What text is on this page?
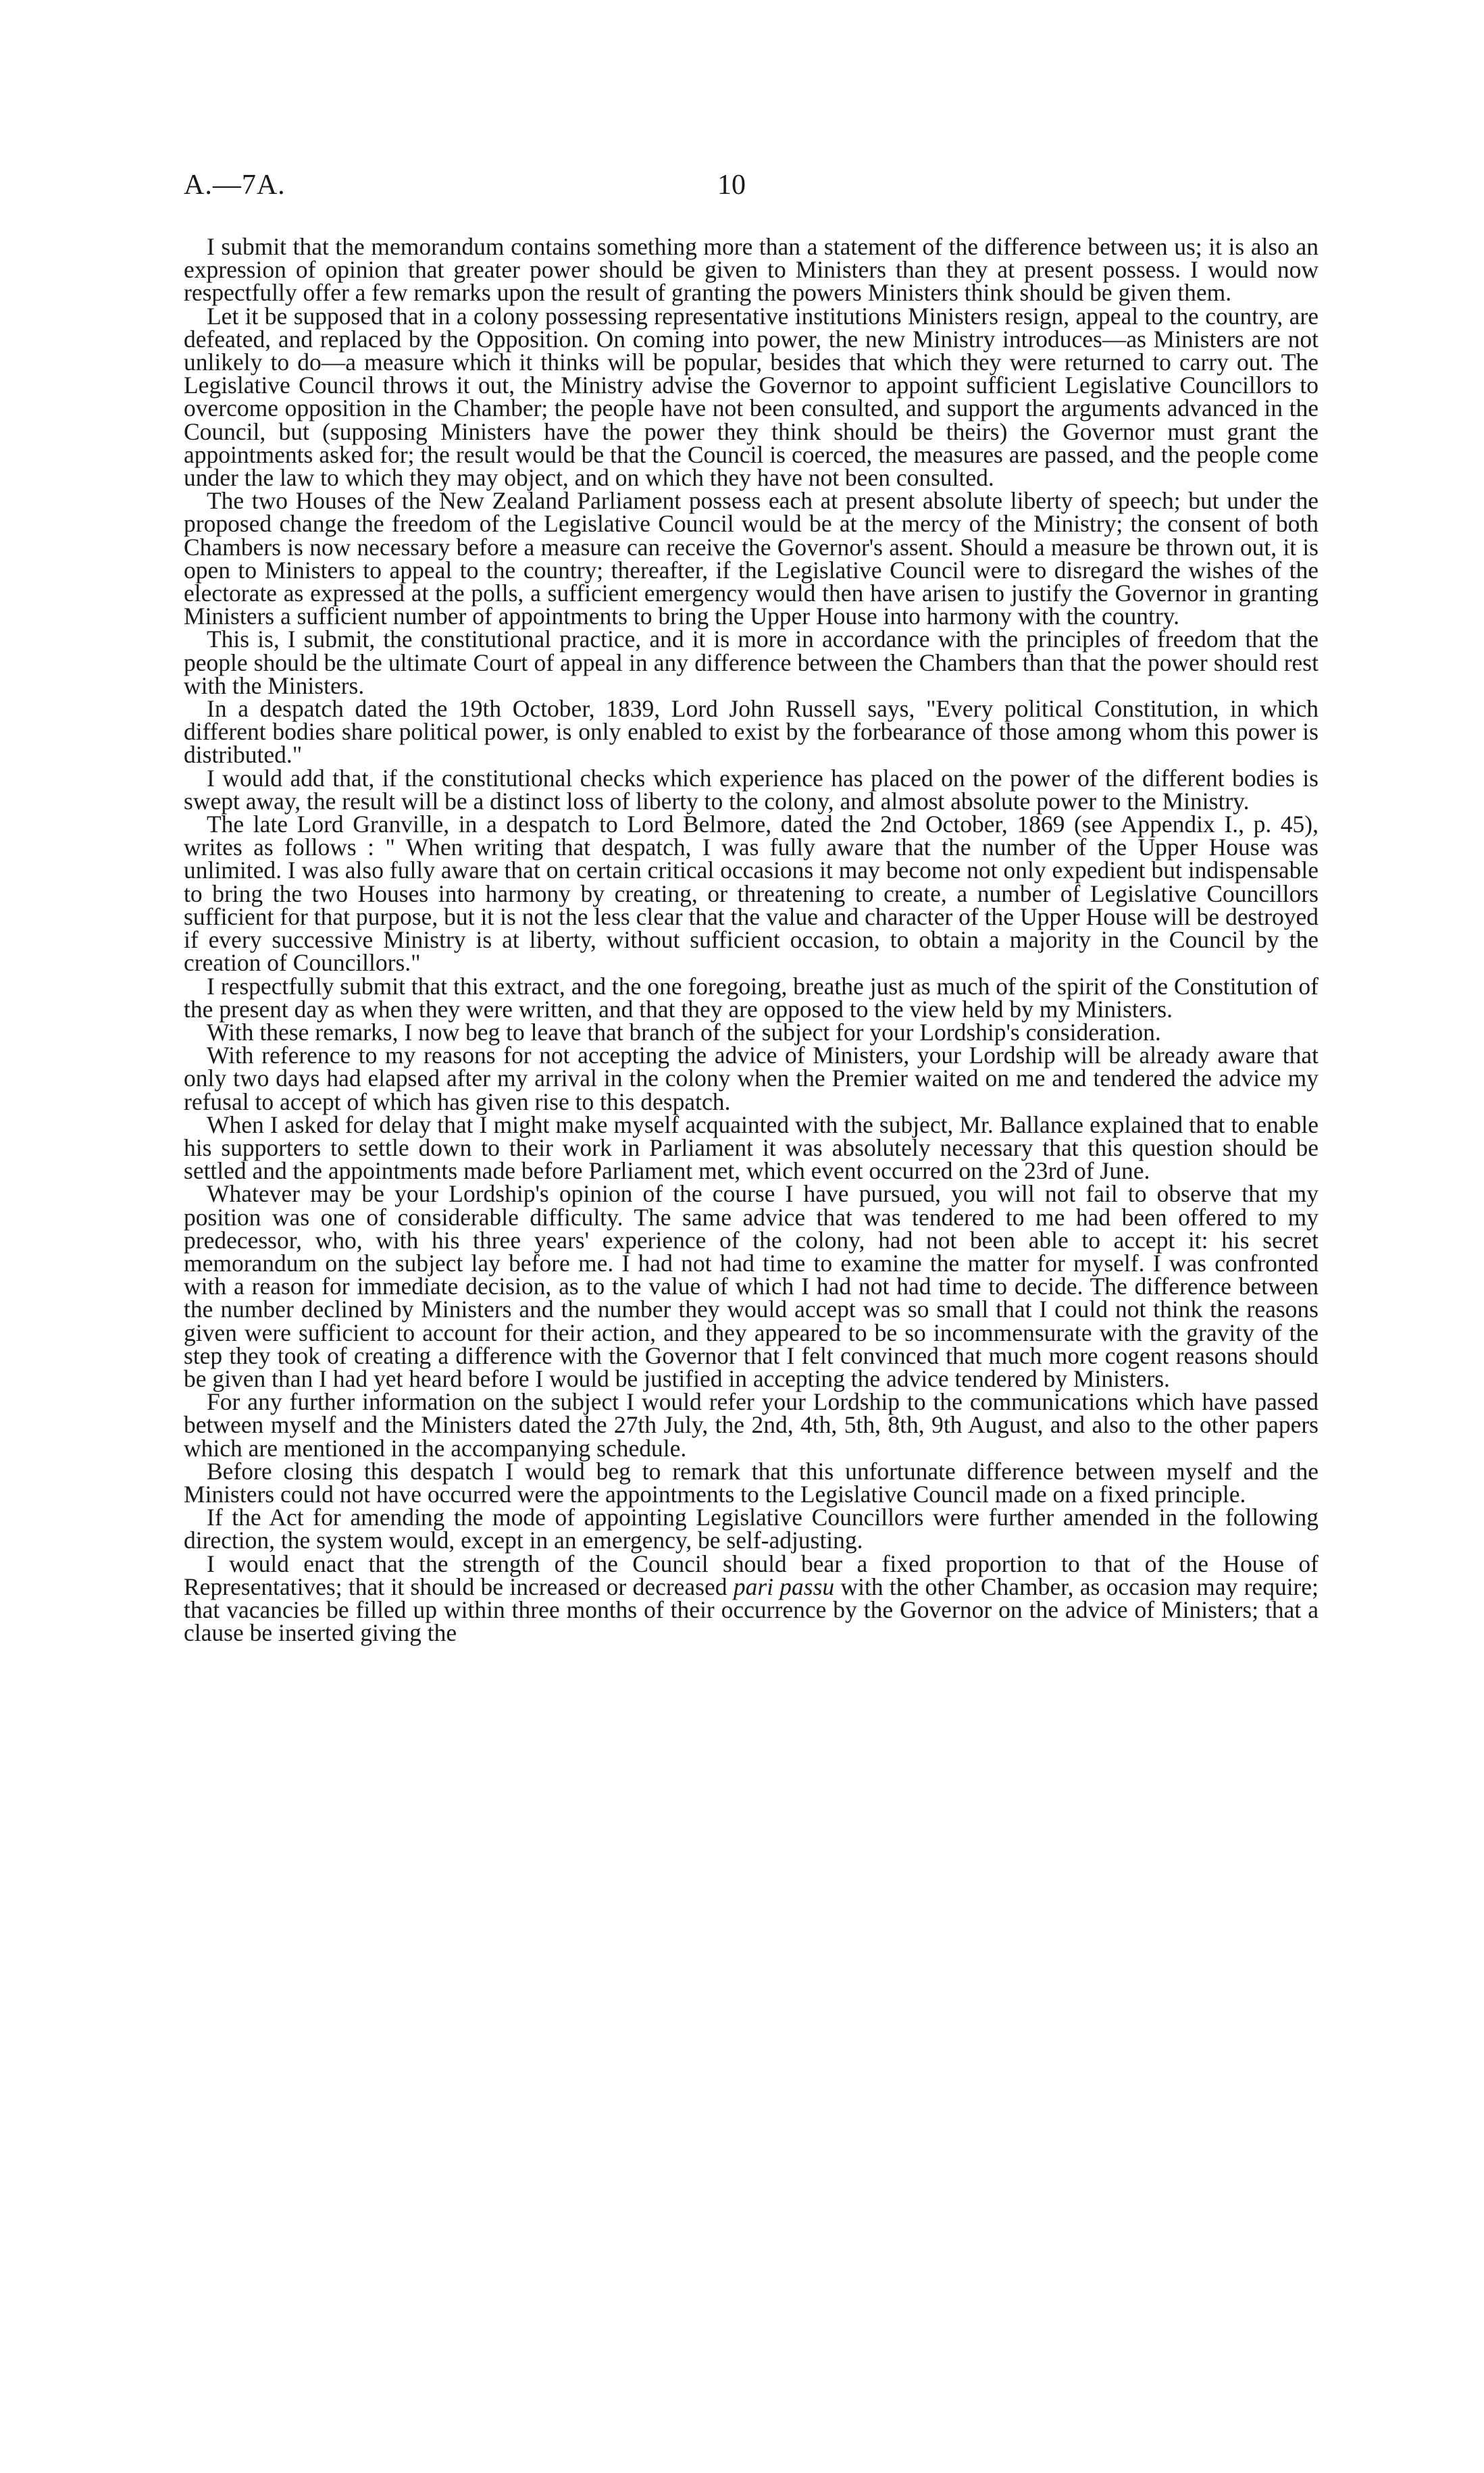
A.—7A.	10

I submit that the memorandum contains something more than a statement of the difference between us; it is also an expression of opinion that greater power should be given to Ministers than they at present possess. I would now respectfully offer a few remarks upon the result of granting the powers Ministers think should be given them.

Let it be supposed that in a colony possessing representative institutions Ministers resign, appeal to the country, are defeated, and replaced by the Opposition. On coming into power, the new Ministry introduces—as Ministers are not unlikely to do—a measure which it thinks will be popular, besides that which they were returned to carry out. The Legislative Council throws it out, the Ministry advise the Governor to appoint sufficient Legislative Councillors to overcome opposition in the Chamber; the people have not been consulted, and support the arguments advanced in the Council, but (supposing Ministers have the power they think should be theirs) the Governor must grant the appointments asked for; the result would be that the Council is coerced, the measures are passed, and the people come under the law to which they may object, and on which they have not been consulted.

The two Houses of the New Zealand Parliament possess each at present absolute liberty of speech; but under the proposed change the freedom of the Legislative Council would be at the mercy of the Ministry; the consent of both Chambers is now necessary before a measure can receive the Governor's assent. Should a measure be thrown out, it is open to Ministers to appeal to the country; thereafter, if the Legislative Council were to disregard the wishes of the electorate as expressed at the polls, a sufficient emergency would then have arisen to justify the Governor in granting Ministers a sufficient number of appointments to bring the Upper House into harmony with the country.

This is, I submit, the constitutional practice, and it is more in accordance with the principles of freedom that the people should be the ultimate Court of appeal in any difference between the Chambers than that the power should rest with the Ministers.

In a despatch dated the 19th October, 1839, Lord John Russell says, "Every political Constitution, in which different bodies share political power, is only enabled to exist by the forbearance of those among whom this power is distributed."

I would add that, if the constitutional checks which experience has placed on the power of the different bodies is swept away, the result will be a distinct loss of liberty to the colony, and almost absolute power to the Ministry.

The late Lord Granville, in a despatch to Lord Belmore, dated the 2nd October, 1869 (see Appendix I., p. 45), writes as follows : " When writing that despatch, I was fully aware that the number of the Upper House was unlimited. I was also fully aware that on certain critical occasions it may become not only expedient but indispensable to bring the two Houses into harmony by creating, or threatening to create, a number of Legislative Councillors sufficient for that purpose, but it is not the less clear that the value and character of the Upper House will be destroyed if every successive Ministry is at liberty, without sufficient occasion, to obtain a majority in the Council by the creation of Councillors."

I respectfully submit that this extract, and the one foregoing, breathe just as much of the spirit of the Constitution of the present day as when they were written, and that they are opposed to the view held by my Ministers.

With these remarks, I now beg to leave that branch of the subject for your Lordship's consideration.

With reference to my reasons for not accepting the advice of Ministers, your Lordship will be already aware that only two days had elapsed after my arrival in the colony when the Premier waited on me and tendered the advice my refusal to accept of which has given rise to this despatch.

When I asked for delay that I might make myself acquainted with the subject, Mr. Ballance explained that to enable his supporters to settle down to their work in Parliament it was absolutely necessary that this question should be settled and the appointments made before Parliament met, which event occurred on the 23rd of June.

Whatever may be your Lordship's opinion of the course I have pursued, you will not fail to observe that my position was one of considerable difficulty. The same advice that was tendered to me had been offered to my predecessor, who, with his three years' experience of the colony, had not been able to accept it: his secret memorandum on the subject lay before me. I had not had time to examine the matter for myself. I was confronted with a reason for immediate decision, as to the value of which I had not had time to decide. The difference between the number declined by Ministers and the number they would accept was so small that I could not think the reasons given were sufficient to account for their action, and they appeared to be so incommensurate with the gravity of the step they took of creating a difference with the Governor that I felt convinced that much more cogent reasons should be given than I had yet heard before I would be justified in accepting the advice tendered by Ministers.

For any further information on the subject I would refer your Lordship to the communications which have passed between myself and the Ministers dated the 27th July, the 2nd, 4th, 5th, 8th, 9th August, and also to the other papers which are mentioned in the accompanying schedule.

Before closing this despatch I would beg to remark that this unfortunate difference between myself and the Ministers could not have occurred were the appointments to the Legislative Council made on a fixed principle.

If the Act for amending the mode of appointing Legislative Councillors were further amended in the following direction, the system would, except in an emergency, be self-adjusting.

I would enact that the strength of the Council should bear a fixed proportion to that of the House of Representatives; that it should be increased or decreased pari passu with the other Chamber, as occasion may require; that vacancies be filled up within three months of their occurrence by the Governor on the advice of Ministers; that a clause be inserted giving the
